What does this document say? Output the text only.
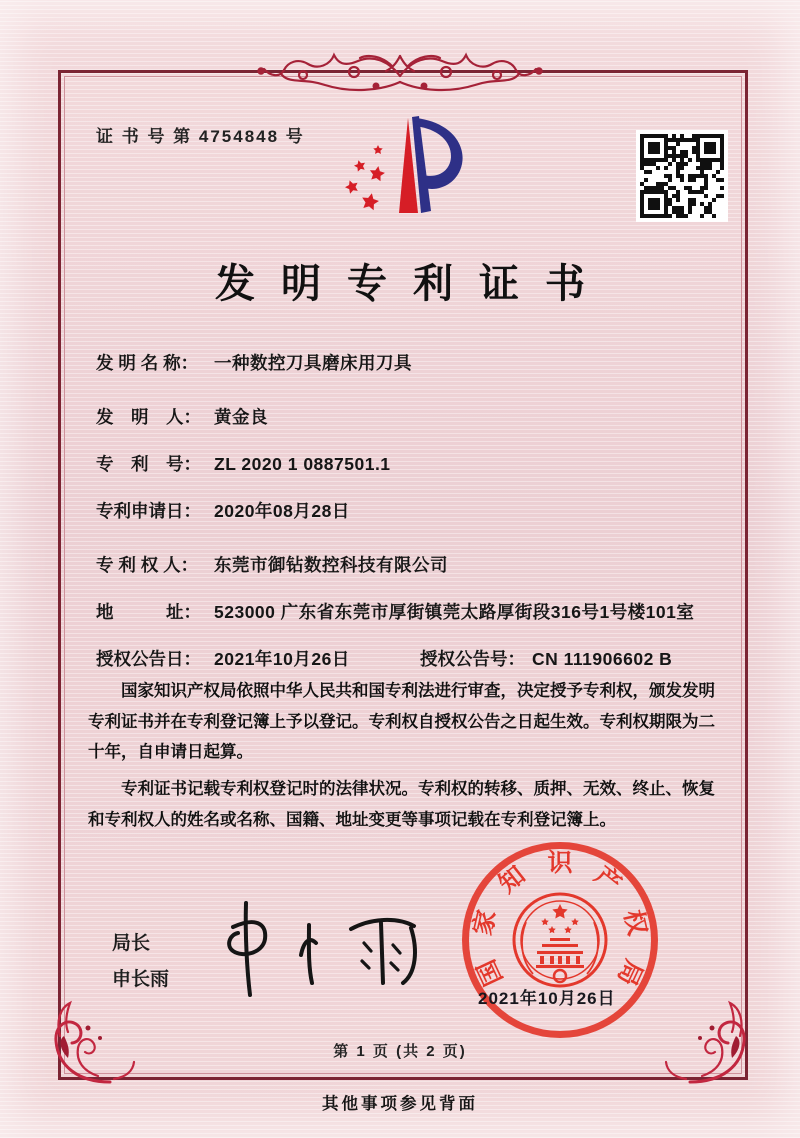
证 书 号 第 4754848 号
发明专利证书
发 明 名 称： 一种数控刀具磨床用刀具
发　明　人： 黄金良
专　利　号： ZL 2020 1 0887501.1
专利申请日： 2020年08月28日
专 利 权 人： 东莞市御钻数控科技有限公司
地　　　址： 523000 广东省东莞市厚街镇莞太路厚街段316号1号楼101室
授权公告日： 2021年10月26日	授权公告号： CN 111906602 B

国家知识产权局依照中华人民共和国专利法进行审查，决定授予专利权，颁发发明专利证书并在专利登记簿上予以登记。专利权自授权公告之日起生效。专利权期限为二十年，自申请日起算。

专利证书记载专利权登记时的法律状况。专利权的转移、质押、无效、终止、恢复和专利权人的姓名或名称、国籍、地址变更等事项记载在专利登记簿上。

局长
申长雨	国
家
知 识 产
权
局
2021年10月26日
第 1 页 (共 2 页)
其他事项参见背面
